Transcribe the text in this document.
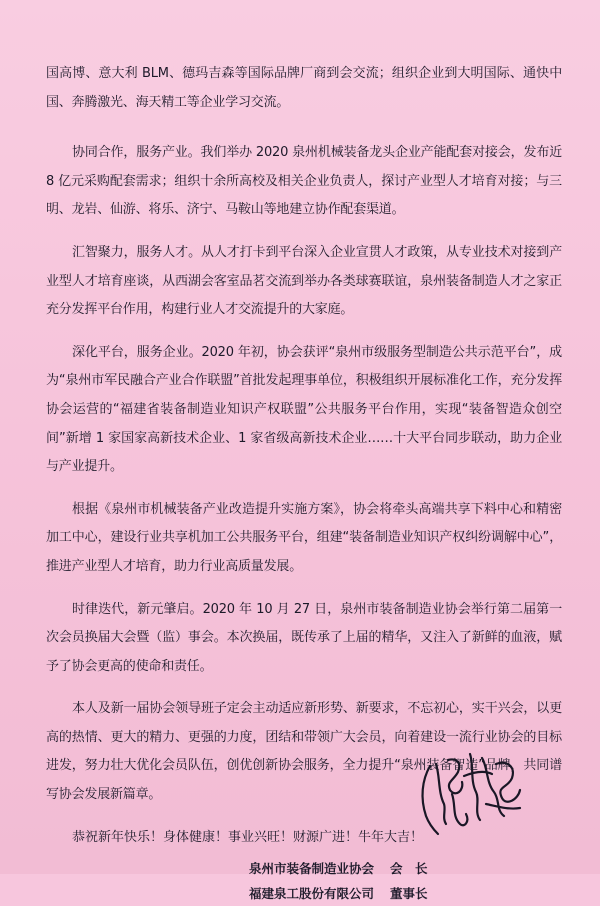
国高博、意大利 BLM、德玛吉森等国际品牌厂商到会交流；组织企业到大明国际、通快中国、奔腾激光、海天精工等企业学习交流。

协同合作，服务产业。我们举办 2020 泉州机械装备龙头企业产能配套对接会，发布近 8 亿元采购配套需求；组织十余所高校及相关企业负责人，探讨产业型人才培育对接；与三明、龙岩、仙游、将乐、济宁、马鞍山等地建立协作配套渠道。

汇智聚力，服务人才。从人才打卡到平台深入企业宣贯人才政策，从专业技术对接到产业型人才培育座谈，从西湖会客室品茗交流到举办各类球赛联谊，泉州装备制造人才之家正充分发挥平台作用，构建行业人才交流提升的大家庭。

深化平台，服务企业。2020 年初，协会获评“泉州市级服务型制造公共示范平台”，成为“泉州市军民融合产业合作联盟”首批发起理事单位，积极组织开展标准化工作，充分发挥协会运营的“福建省装备制造业知识产权联盟”公共服务平台作用，实现“装备智造众创空间”新增 1 家国家高新技术企业、1 家省级高新技术企业……十大平台同步联动，助力企业与产业提升。

根据《泉州市机械装备产业改造提升实施方案》，协会将牵头高端共享下料中心和精密加工中心，建设行业共享机加工公共服务平台，组建“装备制造业知识产权纠纷调解中心”，推进产业型人才培育，助力行业高质量发展。

时律迭代，新元肇启。2020 年 10 月 27 日，泉州市装备制造业协会举行第二届第一次会员换届大会暨（监）事会。本次换届，既传承了上届的精华，又注入了新鲜的血液，赋予了协会更高的使命和责任。

本人及新一届协会领导班子定会主动适应新形势、新要求，不忘初心，实干兴会，以更高的热情、更大的精力、更强的力度，团结和带领广大会员，向着建设一流行业协会的目标进发，努力壮大优化会员队伍，创优创新协会服务，全力提升“泉州装备智造”品牌，共同谱写协会发展新篇章。

恭祝新年快乐！身体健康！事业兴旺！财源广进！牛年大吉！

泉州市装备制造业协会 会　长
福建泉工股份有限公司 董事长
